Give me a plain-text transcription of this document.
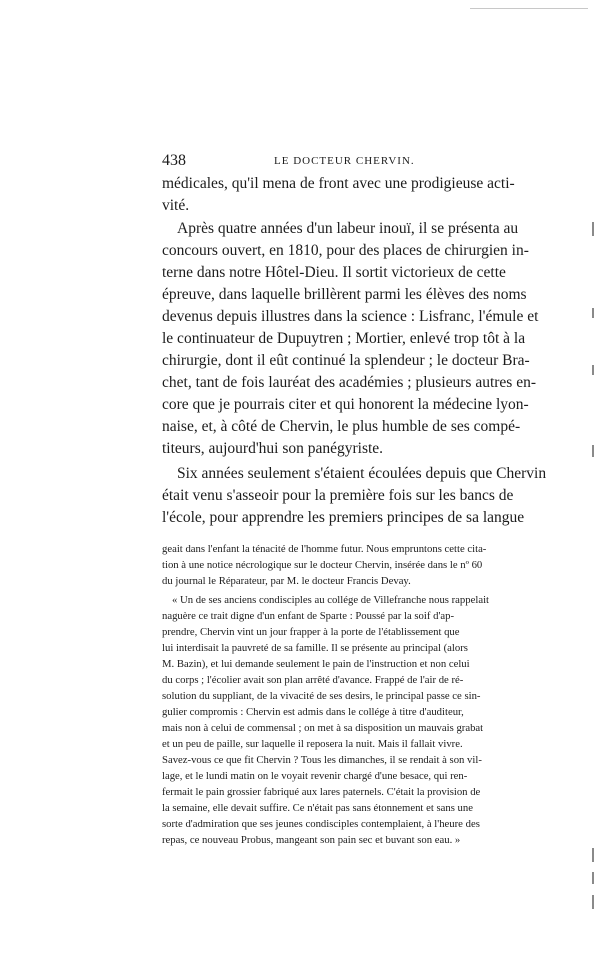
438	LE DOCTEUR CHERVIN.
médicales, qu'il mena de front avec une prodigieuse acti-
vité.
Après quatre années d'un labeur inouï, il se présenta au
concours ouvert, en 1810, pour des places de chirurgien in-
terne dans notre Hôtel-Dieu. Il sortit victorieux de cette
épreuve, dans laquelle brillèrent parmi les élèves des noms
devenus depuis illustres dans la science : Lisfranc, l'émule et
le continuateur de Dupuytren ; Mortier, enlevé trop tôt à la
chirurgie, dont il eût continué la splendeur ; le docteur Bra-
chet, tant de fois lauréat des académies ; plusieurs autres en-
core que je pourrais citer et qui honorent la médecine lyon-
naise, et, à côté de Chervin, le plus humble de ses compé-
titeurs, aujourd'hui son panégyriste.
Six années seulement s'étaient écoulées depuis que Chervin
était venu s'asseoir pour la première fois sur les bancs de
l'école, pour apprendre les premiers principes de sa langue
geait dans l'enfant la ténacité de l'homme futur. Nous empruntons cette cita-
tion à une notice nécrologique sur le docteur Chervin, insérée dans le nº 60
du journal le Réparateur, par M. le docteur Francis Devay.
« Un de ses anciens condisciples au collége de Villefranche nous rappelait
naguère ce trait digne d'un enfant de Sparte : Poussé par la soif d'ap-
prendre, Chervin vint un jour frapper à la porte de l'établissement que
lui interdisait la pauvreté de sa famille. Il se présente au principal (alors
M. Bazin), et lui demande seulement le pain de l'instruction et non celui
du corps ; l'écolier avait son plan arrêté d'avance. Frappé de l'air de ré-
solution du suppliant, de la vivacité de ses desirs, le principal passe ce sin-
gulier compromis : Chervin est admis dans le collége à titre d'auditeur,
mais non à celui de commensal ; on met à sa disposition un mauvais grabat
et un peu de paille, sur laquelle il reposera la nuit. Mais il fallait vivre.
Savez-vous ce que fit Chervin ? Tous les dimanches, il se rendait à son vil-
lage, et le lundi matin on le voyait revenir chargé d'une besace, qui ren-
fermait le pain grossier fabriqué aux lares paternels. C'était la provision de
la semaine, elle devait suffire. Ce n'était pas sans étonnement et sans une
sorte d'admiration que ses jeunes condisciples contemplaient, à l'heure des
repas, ce nouveau Probus, mangeant son pain sec et buvant son eau. »
